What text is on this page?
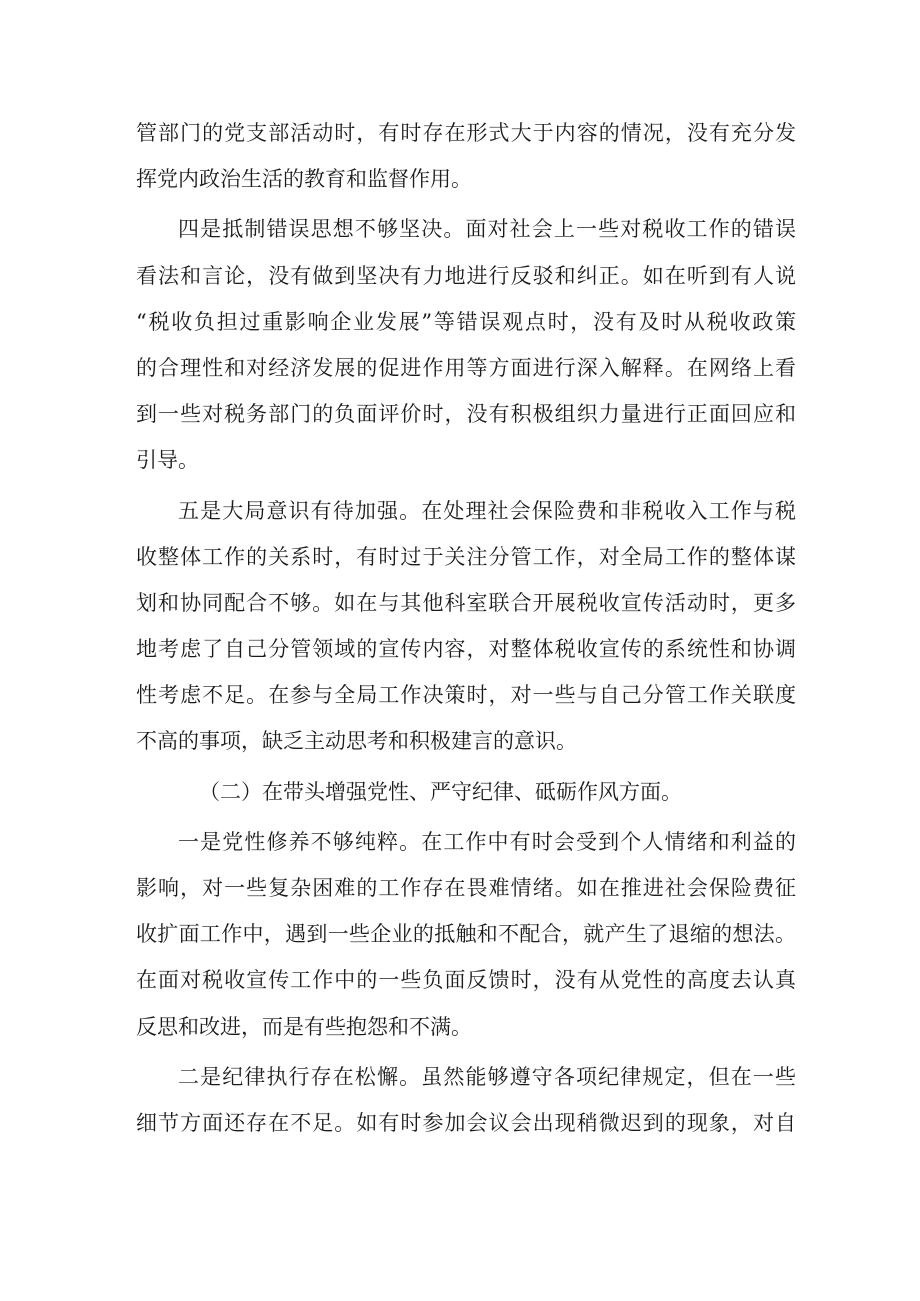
管部门的党支部活动时，有时存在形式大于内容的情况，没有充分发
挥党内政治生活的教育和监督作用。
四是抵制错误思想不够坚决。面对社会上一些对税收工作的错误
看法和言论，没有做到坚决有力地进行反驳和纠正。如在听到有人说
“税收负担过重影响企业发展”等错误观点时，没有及时从税收政策
的合理性和对经济发展的促进作用等方面进行深入解释。在网络上看
到一些对税务部门的负面评价时，没有积极组织力量进行正面回应和
引导。
五是大局意识有待加强。在处理社会保险费和非税收入工作与税
收整体工作的关系时，有时过于关注分管工作，对全局工作的整体谋
划和协同配合不够。如在与其他科室联合开展税收宣传活动时，更多
地考虑了自己分管领域的宣传内容，对整体税收宣传的系统性和协调
性考虑不足。在参与全局工作决策时，对一些与自己分管工作关联度
不高的事项，缺乏主动思考和积极建言的意识。
（二）在带头增强党性、严守纪律、砥砺作风方面。
一是党性修养不够纯粹。在工作中有时会受到个人情绪和利益的
影响，对一些复杂困难的工作存在畏难情绪。如在推进社会保险费征
收扩面工作中，遇到一些企业的抵触和不配合，就产生了退缩的想法。
在面对税收宣传工作中的一些负面反馈时，没有从党性的高度去认真
反思和改进，而是有些抱怨和不满。
二是纪律执行存在松懈。虽然能够遵守各项纪律规定，但在一些
细节方面还存在不足。如有时参加会议会出现稍微迟到的现象，对自
